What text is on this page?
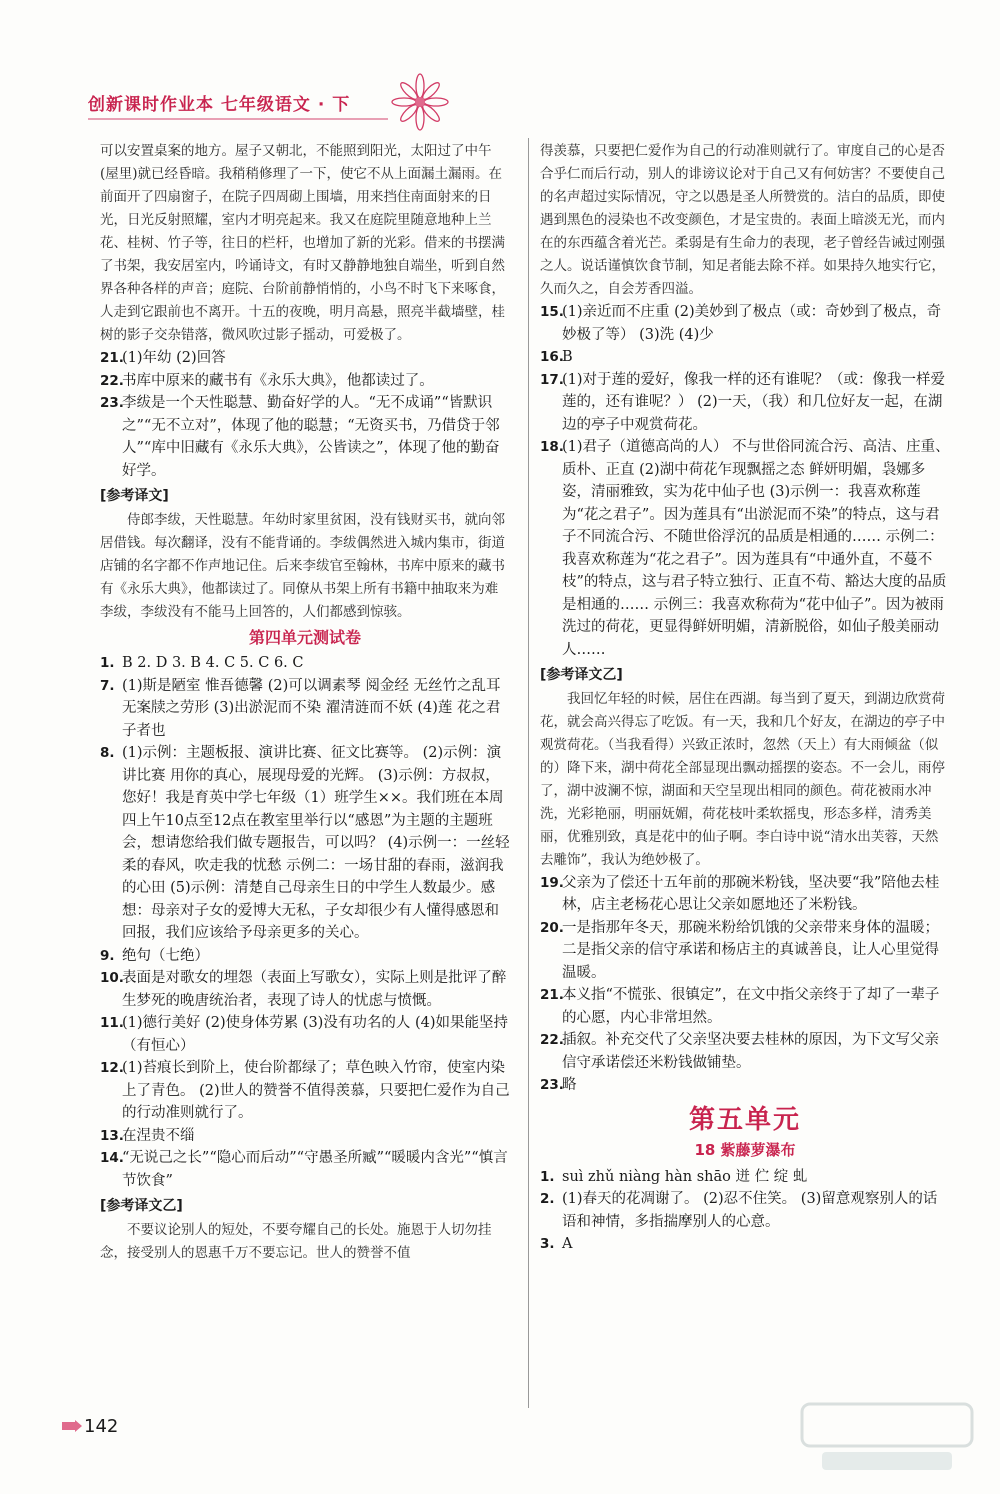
创新课时作业本 七年级语文 · 下

可以安置桌案的地方。屋子又朝北，不能照到阳光，太阳过了中午(屋里)就已经昏暗。我稍稍修理了一下，使它不从上面漏土漏雨。在前面开了四扇窗子，在院子四周砌上围墙，用来挡住南面射来的日光，日光反射照耀，室内才明亮起来。我又在庭院里随意地种上兰花、桂树、竹子等，往日的栏杆，也增加了新的光彩。借来的书摆满了书架，我安居室内，吟诵诗文，有时又静静地独自端坐，听到自然界各种各样的声音；庭院、台阶前静悄悄的，小鸟不时飞下来啄食，人走到它跟前也不离开。十五的夜晚，明月高悬，照亮半截墙壁，桂树的影子交杂错落，微风吹过影子摇动，可爱极了。

21.
(1)年幼 (2)回答

22.
书库中原来的藏书有《永乐大典》，他都读过了。

23.
李绂是一个天性聪慧、勤奋好学的人。“无不成诵”“皆默识之”“无不立对”，体现了他的聪慧；“无资买书，乃借贷于邻人”“库中旧藏有《永乐大典》，公皆读之”，体现了他的勤奋好学。

[参考译文]

侍郎李绂，天性聪慧。年幼时家里贫困，没有钱财买书，就向邻居借钱。每次翻译，没有不能背诵的。李绂偶然进入城内集市，街道店铺的名字都不作声地记住。后来李绂官至翰林，书库中原来的藏书有《永乐大典》，他都读过了。同僚从书架上所有书籍中抽取来为难李绂，李绂没有不能马上回答的，人们都感到惊骇。

第四单元测试卷

1. B 2. D 3. B 4. C 5. C 6. C

7. (1)斯是陋室 惟吾德馨 (2)可以调素琴 阅金经 无丝竹之乱耳 无案牍之劳形 (3)出淤泥而不染 濯清涟而不妖 (4)莲 花之君子者也

8. (1)示例：主题板报、演讲比赛、征文比赛等。 (2)示例：演讲比赛 用你的真心，展现母爱的光辉。 (3)示例：方叔叔，您好！我是育英中学七年级（1）班学生××。我们班在本周四上午10点至12点在教室里举行以“感恩”为主题的主题班会，想请您给我们做专题报告，可以吗？ (4)示例一：一丝轻柔的春风，吹走我的忧愁 示例二：一场甘甜的春雨，滋润我的心田 (5)示例：清楚自己母亲生日的中学生人数最少。感想：母亲对子女的爱博大无私，子女却很少有人懂得感恩和回报，我们应该给予母亲更多的关心。

9. 绝句（七绝）

10.
表面是对歌女的埋怨（表面上写歌女），实际上则是批评了醉生梦死的晚唐统治者，表现了诗人的忧虑与愤慨。

11.
(1)德行美好 (2)使身体劳累 (3)没有功名的人 (4)如果能坚持（有恒心）

12.
(1)苔痕长到阶上，使台阶都绿了；草色映入竹帘，使室内染上了青色。 (2)世人的赞誉不值得羡慕，只要把仁爱作为自己的行动准则就行了。

13.
在涅贵不缁

14.
“无说己之长”“隐心而后动”“守愚圣所臧”“暖暖内含光”“慎言节饮食”

[参考译文乙]

不要议论别人的短处，不要夸耀自己的长处。施恩于人切勿挂念，接受别人的恩惠千万不要忘记。世人的赞誉不值

得羡慕，只要把仁爱作为自己的行动准则就行了。审度自己的心是否合乎仁而后行动，别人的诽谤议论对于自己又有何妨害？不要使自己的名声超过实际情况，守之以愚是圣人所赞赏的。洁白的品质，即使遇到黑色的浸染也不改变颜色，才是宝贵的。表面上暗淡无光，而内在的东西蕴含着光芒。柔弱是有生命力的表现，老子曾经告诫过刚强之人。说话谨慎饮食节制，知足者能去除不祥。如果持久地实行它，久而久之，自会芳香四溢。

15.
(1)亲近而不庄重 (2)美妙到了极点（或：奇妙到了极点，奇妙极了等） (3)洗 (4)少

16.
B

17.
(1)对于莲的爱好，像我一样的还有谁呢？（或：像我一样爱莲的，还有谁呢？） (2)一天，（我）和几位好友一起，在湖边的亭子中观赏荷花。

18.
(1)君子（道德高尚的人） 不与世俗同流合污、高洁、庄重、质朴、正直 (2)湖中荷花乍现飘摇之态 鲜妍明媚，袅娜多姿，清丽雅致，实为花中仙子也 (3)示例一：我喜欢称莲为“花之君子”。因为莲具有“出淤泥而不染”的特点，这与君子不同流合污、不随世俗浮沉的品质是相通的…… 示例二：我喜欢称莲为“花之君子”。因为莲具有“中通外直，不蔓不枝”的特点，这与君子特立独行、正直不苟、豁达大度的品质是相通的…… 示例三：我喜欢称荷为“花中仙子”。因为被雨洗过的荷花，更显得鲜妍明媚，清新脱俗，如仙子般美丽动人……

[参考译文乙]

我回忆年轻的时候，居住在西湖。每当到了夏天，到湖边欣赏荷花，就会高兴得忘了吃饭。有一天，我和几个好友，在湖边的亭子中观赏荷花。（当我看得）兴致正浓时，忽然（天上）有大雨倾盆（似的）降下来，湖中荷花全部显现出飘动摇摆的姿态。不一会儿，雨停了，湖中波澜不惊，湖面和天空呈现出相同的颜色。荷花被雨水冲洗，光彩艳丽，明丽妩媚，荷花枝叶柔软摇曳，形态多样，清秀美丽，优雅别致，真是花中的仙子啊。李白诗中说“清水出芙蓉，天然去雕饰”，我认为绝妙极了。

19.
父亲为了偿还十五年前的那碗米粉钱，坚决要“我”陪他去桂林，店主老杨花心思让父亲如愿地还了米粉钱。

20.
一是指那年冬天，那碗米粉给饥饿的父亲带来身体的温暖；二是指父亲的信守承诺和杨店主的真诚善良，让人心里觉得温暖。

21.
本义指“不慌张、很镇定”，在文中指父亲终于了却了一辈子的心愿，内心非常坦然。

22.
插叙。补充交代了父亲坚决要去桂林的原因，为下文写父亲信守承诺偿还米粉钱做铺垫。

23.
略

第五单元

18 紫藤萝瀑布

1. suì zhǔ niàng hàn shāo 迸 伫 绽 虬

2. (1)春天的花凋谢了。 (2)忍不住笑。 (3)留意观察别人的话语和神情，多指揣摩别人的心意。

3. A

142
